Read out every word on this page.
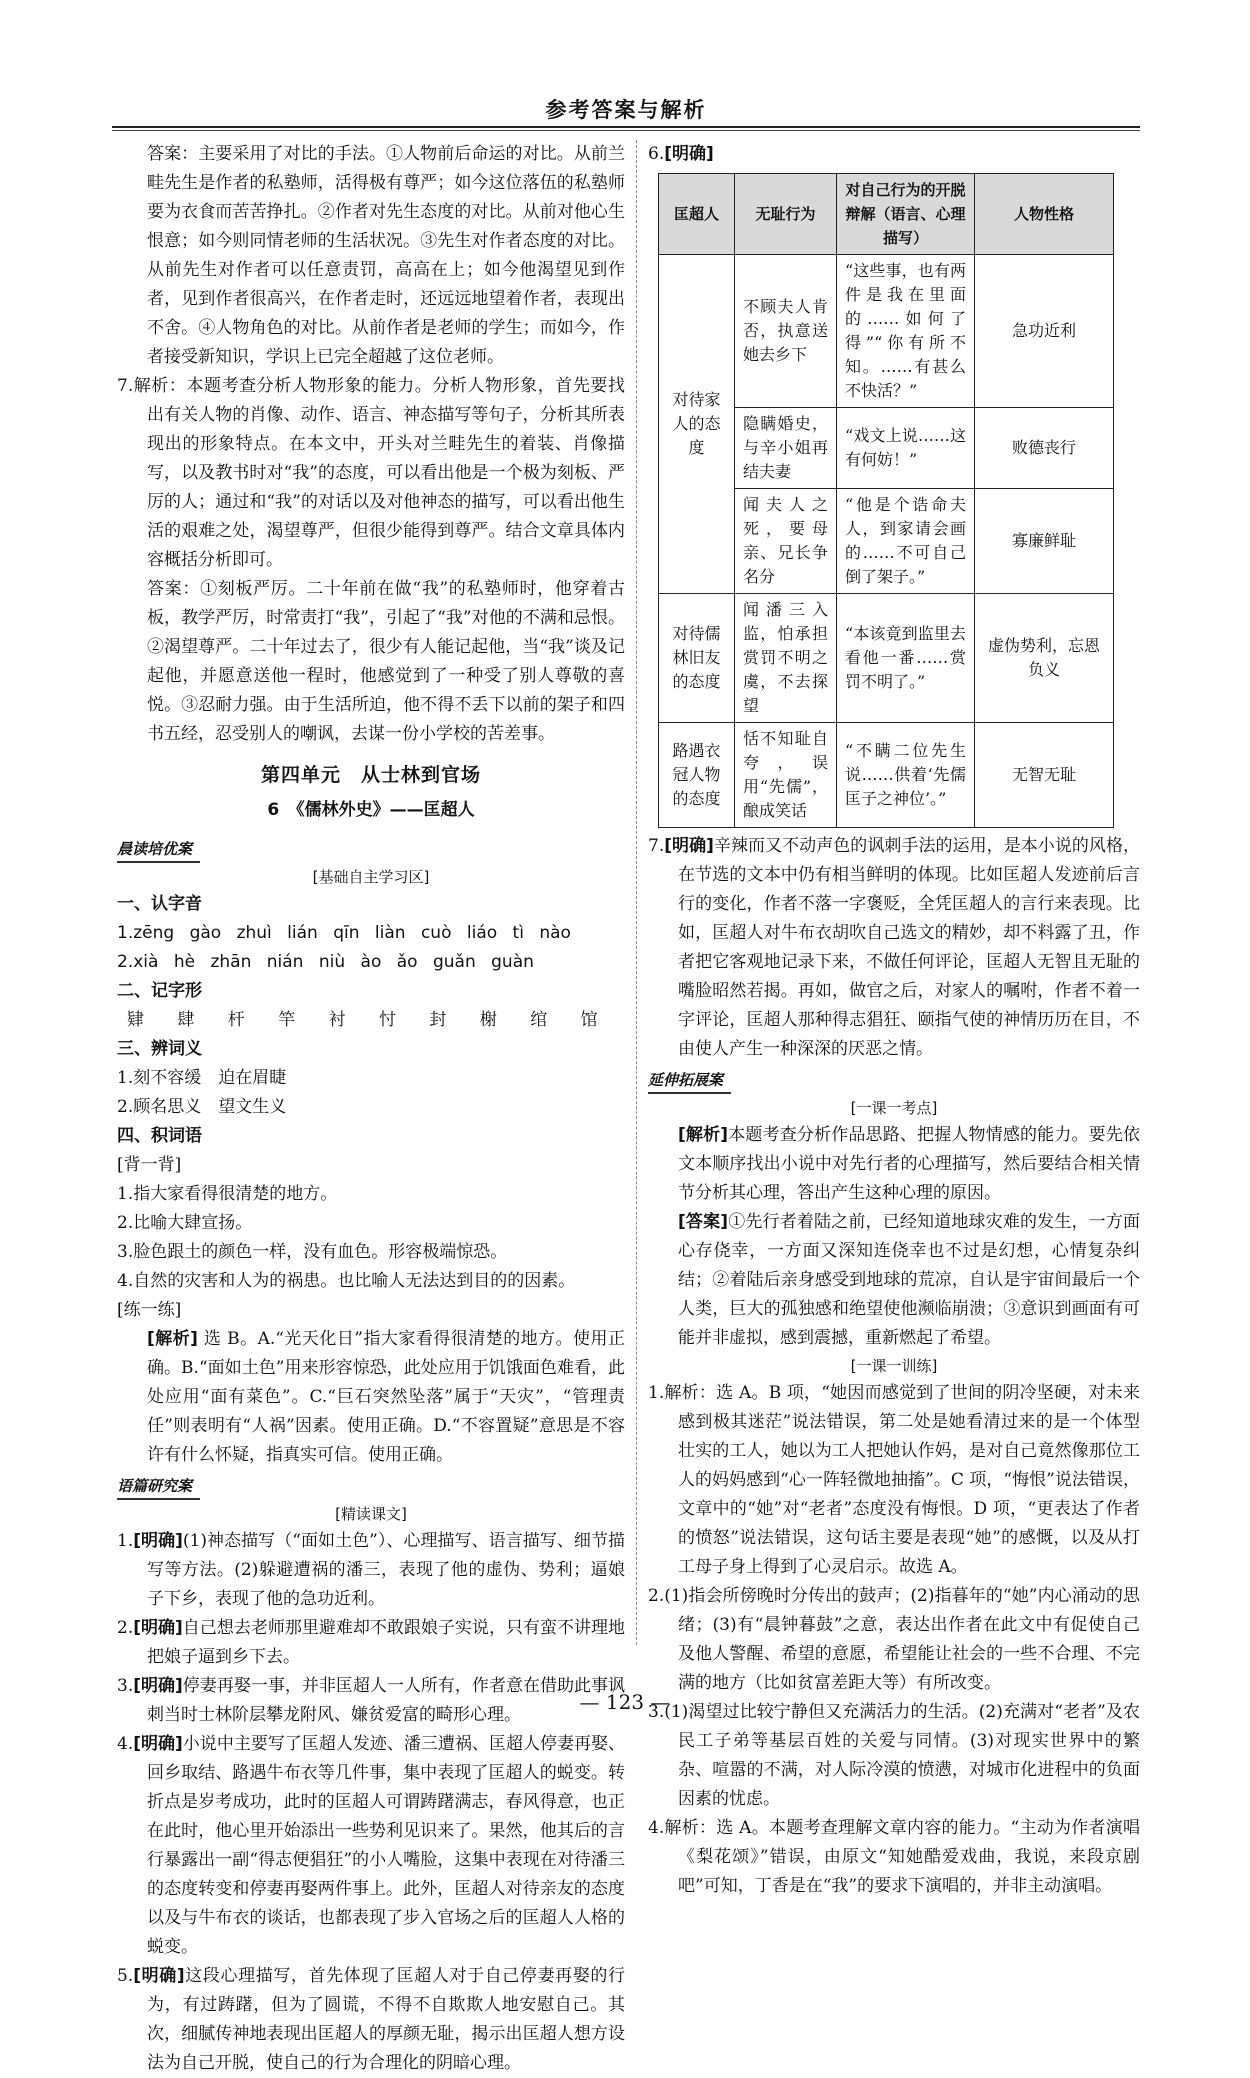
参考答案与解析

答案：主要采用了对比的手法。①人物前后命运的对比。从前兰畦先生是作者的私塾师，活得极有尊严；如今这位落伍的私塾师要为衣食而苦苦挣扎。②作者对先生态度的对比。从前对他心生恨意；如今则同情老师的生活状况。③先生对作者态度的对比。从前先生对作者可以任意责罚，高高在上；如今他渴望见到作者，见到作者很高兴，在作者走时，还远远地望着作者，表现出不舍。④人物角色的对比。从前作者是老师的学生；而如今，作者接受新知识，学识上已完全超越了这位老师。

7.解析：本题考查分析人物形象的能力。分析人物形象，首先要找出有关人物的肖像、动作、语言、神态描写等句子，分析其所表现出的形象特点。在本文中，开头对兰畦先生的着装、肖像描写，以及教书时对“我”的态度，可以看出他是一个极为刻板、严厉的人；通过和“我”的对话以及对他神态的描写，可以看出他生活的艰难之处，渴望尊严，但很少能得到尊严。结合文章具体内容概括分析即可。

答案：①刻板严厉。二十年前在做“我”的私塾师时，他穿着古板，教学严厉，时常责打“我”，引起了“我”对他的不满和忌恨。②渴望尊严。二十年过去了，很少有人能记起他，当“我”谈及记起他，并愿意送他一程时，他感觉到了一种受了别人尊敬的喜悦。③忍耐力强。由于生活所迫，他不得不丢下以前的架子和四书五经，忍受别人的嘲讽，去谋一份小学校的苦差事。

第四单元　从士林到官场
6　《儒林外史》——匡超人
晨读培优案
[基础自主学习区]

一、认字音

1.zēng gào zhuì lián qīn liàn cuò liáo tì nào

2.xià hè zhān nián niù ào ǎo guǎn guàn

二、记字形

肄 肆 杆 竿 衬 忖 封 榭 绾 馆

三、辨词义

1.刻不容缓　迫在眉睫

2.顾名思义　望文生义

四、积词语

[背一背]

1.指大家看得很清楚的地方。

2.比喻大肆宣扬。

3.脸色跟土的颜色一样，没有血色。形容极端惊恐。

4.自然的灾害和人为的祸患。也比喻人无法达到目的的因素。

[练一练]

[解析] 选 B。A.“光天化日”指大家看得很清楚的地方。使用正确。B.“面如土色”用来形容惊恐，此处应用于饥饿面色难看，此处应用“面有菜色”。C.“巨石突然坠落”属于“天灾”，“管理责任”则表明有“人祸”因素。使用正确。D.“不容置疑”意思是不容许有什么怀疑，指真实可信。使用正确。

语篇研究案
[精读课文]

1.[明确](1)神态描写（“面如土色”）、心理描写、语言描写、细节描写等方法。(2)躲避遭祸的潘三，表现了他的虚伪、势利；逼娘子下乡，表现了他的急功近利。

2.[明确]自己想去老师那里避难却不敢跟娘子实说，只有蛮不讲理地把娘子逼到乡下去。

3.[明确]停妻再娶一事，并非匡超人一人所有，作者意在借助此事讽刺当时士林阶层攀龙附风、嫌贫爱富的畸形心理。

4.[明确]小说中主要写了匡超人发迹、潘三遭祸、匡超人停妻再娶、回乡取结、路遇牛布衣等几件事，集中表现了匡超人的蜕变。转折点是岁考成功，此时的匡超人可谓踌躇满志，春风得意，也正在此时，他心里开始添出一些势利见识来了。果然，他其后的言行暴露出一副“得志便猖狂”的小人嘴脸，这集中表现在对待潘三的态度转变和停妻再娶两件事上。此外，匡超人对待亲友的态度以及与牛布衣的谈话，也都表现了步入官场之后的匡超人人格的蜕变。

5.[明确]这段心理描写，首先体现了匡超人对于自己停妻再娶的行为，有过踌躇，但为了圆谎，不得不自欺欺人地安慰自己。其次，细腻传神地表现出匡超人的厚颜无耻，揭示出匡超人想方设法为自己开脱，使自己的行为合理化的阴暗心理。

6.[明确]

匡超人	无耻行为	对自己行为的开脱辩解（语言、心理描写）	人物性格
对待家人的态度	不顾夫人肯否，执意送她去乡下	“这些事，也有两件是我在里面的……如何了得”“你有所不知。……有甚么不快活？”	急功近利
	隐瞒婚史，与辛小姐再结夫妻	“戏文上说……这有何妨！”	败德丧行
	闻夫人之死，要母亲、兄长争名分	“他是个诰命夫人，到家请会画的……不可自己倒了架子。”	寡廉鲜耻
对待儒林旧友的态度	闻潘三入监，怕承担赏罚不明之虞，不去探望	“本该竟到监里去看他一番……赏罚不明了。”	虚伪势利，忘恩负义
路遇衣冠人物的态度	恬不知耻自夸，误用“先儒”，酿成笑话	“不瞒二位先生说……供着‘先儒匡子之神位’。”	无智无耻

7.[明确]辛辣而又不动声色的讽刺手法的运用，是本小说的风格，在节选的文本中仍有相当鲜明的体现。比如匡超人发迹前后言行的变化，作者不落一字褒贬，全凭匡超人的言行来表现。比如，匡超人对牛布衣胡吹自己选文的精妙，却不料露了丑，作者把它客观地记录下来，不做任何评论，匡超人无智且无耻的嘴脸昭然若揭。再如，做官之后，对家人的嘱咐，作者不着一字评论，匡超人那种得志猖狂、颐指气使的神情历历在目，不由使人产生一种深深的厌恶之情。

延伸拓展案
[一课一考点]

[解析]本题考查分析作品思路、把握人物情感的能力。要先依文本顺序找出小说中对先行者的心理描写，然后要结合相关情节分析其心理，答出产生这种心理的原因。

[答案]①先行者着陆之前，已经知道地球灾难的发生，一方面心存侥幸，一方面又深知连侥幸也不过是幻想，心情复杂纠结；②着陆后亲身感受到地球的荒凉，自认是宇宙间最后一个人类，巨大的孤独感和绝望使他濒临崩溃；③意识到画面有可能并非虚拟，感到震撼，重新燃起了希望。

[一课一训练]

1.解析：选 A。B 项，“她因而感觉到了世间的阴冷坚硬，对未来感到极其迷茫”说法错误，第二处是她看清过来的是一个体型壮实的工人，她以为工人把她认作妈，是对自己竟然像那位工人的妈妈感到“心一阵轻微地抽搐”。C 项，“悔恨”说法错误，文章中的“她”对“老者”态度没有悔恨。D 项，“更表达了作者的愤怒”说法错误，这句话主要是表现“她”的感慨，以及从打工母子身上得到了心灵启示。故选 A。

2.(1)指会所傍晚时分传出的鼓声；(2)指暮年的“她”内心涌动的思绪；(3)有“晨钟暮鼓”之意，表达出作者在此文中有促使自己及他人警醒、希望的意愿，希望能让社会的一些不合理、不完满的地方（比如贫富差距大等）有所改变。

3.(1)渴望过比较宁静但又充满活力的生活。(2)充满对“老者”及农民工子弟等基层百姓的关爱与同情。(3)对现实世界中的繁杂、喧嚣的不满，对人际冷漠的愤懑，对城市化进程中的负面因素的忧虑。

4.解析：选 A。本题考查理解文章内容的能力。“主动为作者演唱《梨花颂》”错误，由原文“知她酷爱戏曲，我说，来段京剧吧”可知，丁香是在“我”的要求下演唱的，并非主动演唱。

— 123 —
